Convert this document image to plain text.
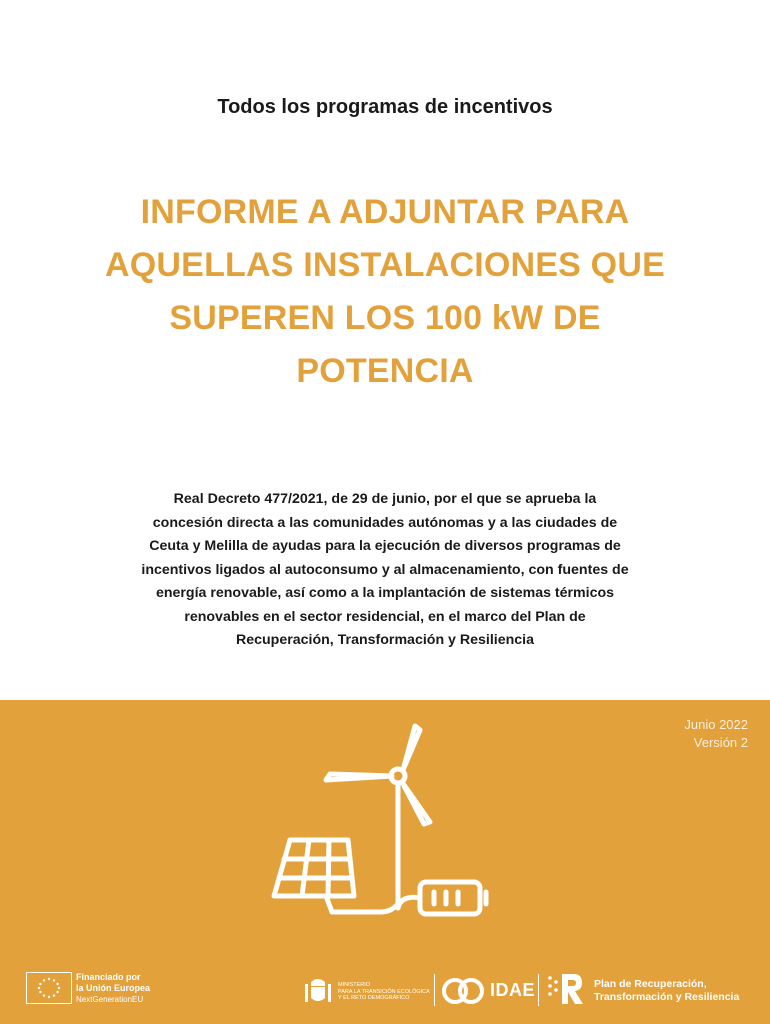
Todos los programas de incentivos
INFORME A ADJUNTAR PARA
AQUELLAS INSTALACIONES QUE
SUPEREN LOS 100 kW DE
POTENCIA
Real Decreto 477/2021, de 29 de junio, por el que se aprueba la
concesión directa a las comunidades autónomas y a las ciudades de
Ceuta y Melilla de ayudas para la ejecución de diversos programas de
incentivos ligados al autoconsumo y al almacenamiento, con fuentes de
energía renovable, así como a la implantación de sistemas térmicos
renovables en el sector residencial, en el marco del Plan de
Recuperación, Transformación y Resiliencia
Junio 2022
Versión 2
Financiado por
la Unión Europea
NextGenerationEU
MINISTERIO
PARA LA TRANSICIÓN ECOLÓGICA
Y EL RETO DEMOGRÁFICO	IDAE	Plan de Recuperación,
Transformación y Resiliencia
